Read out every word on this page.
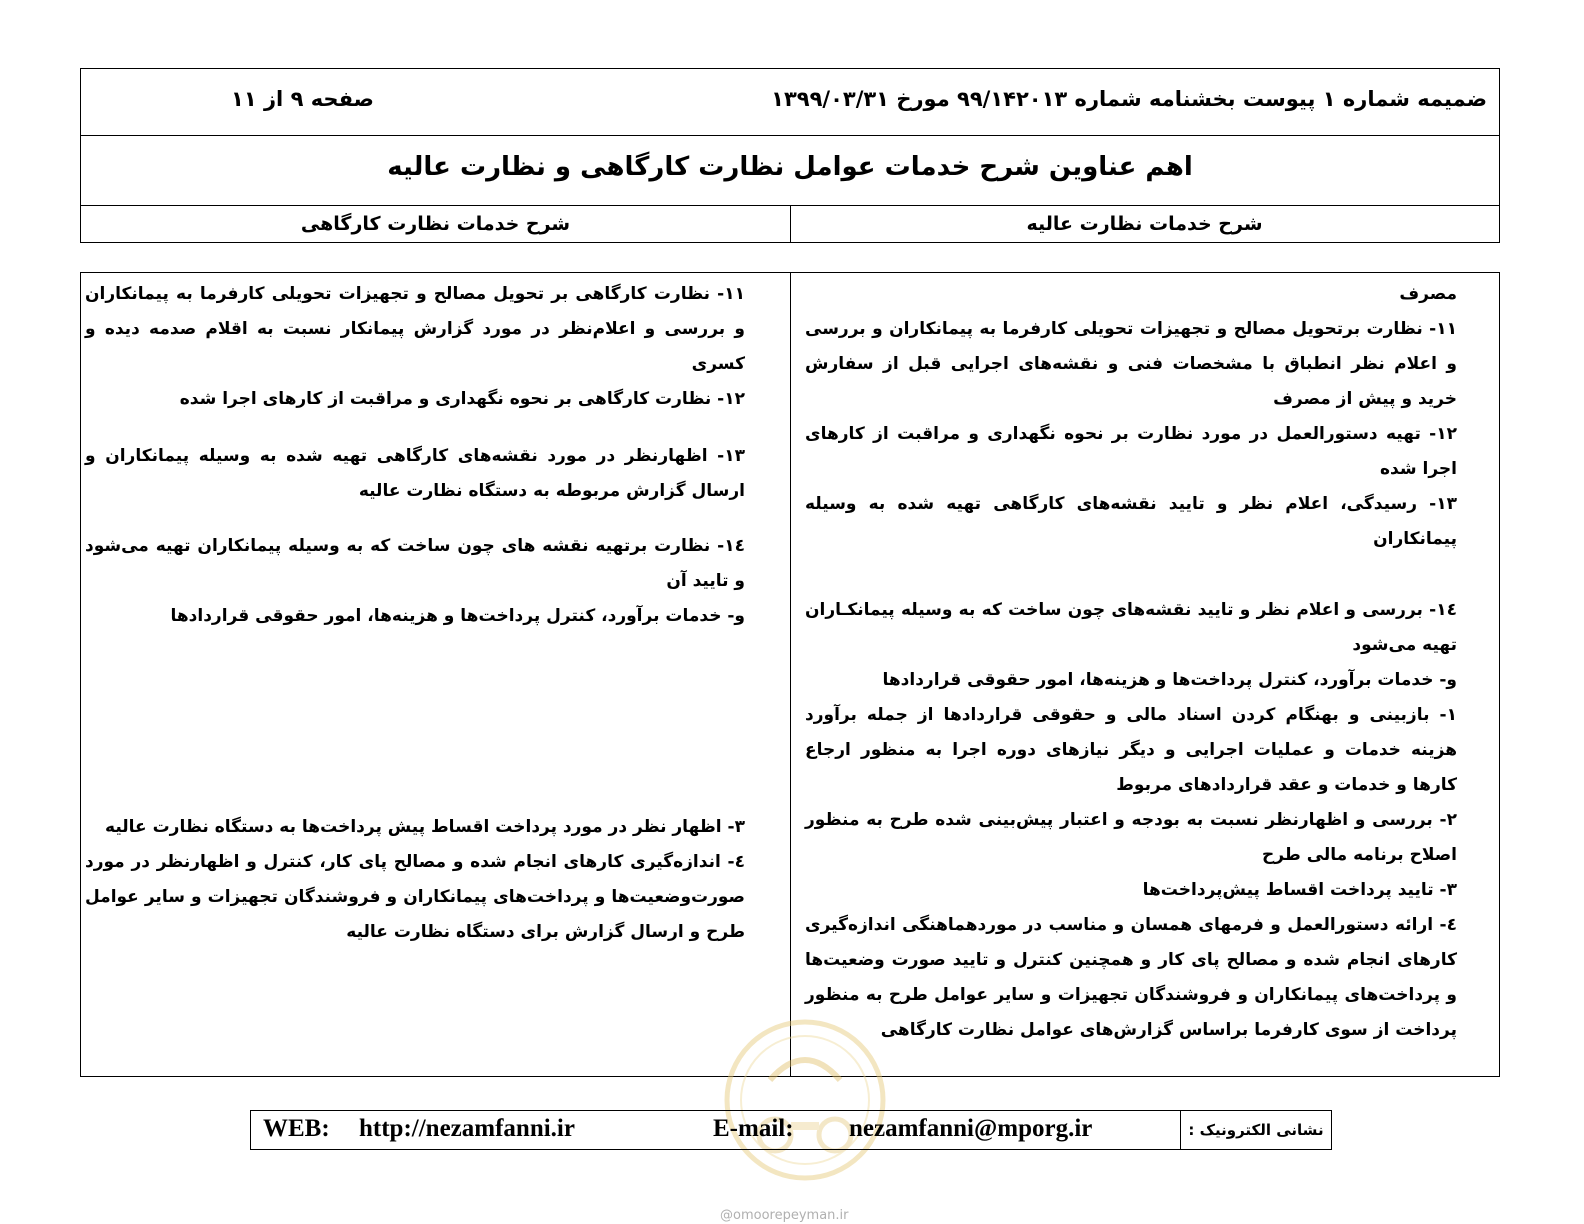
ضمیمه شماره ۱ پیوست بخشنامه شماره ۹۹/۱۴۲۰۱۳ مورخ ۱۳۹۹/۰۳/۳۱
صفحه ۹ از ۱۱
اهم عناوین شرح خدمات عوامل نظارت کارگاهی و نظارت عالیه
شرح خدمات نظارت عالیه
شرح خدمات نظارت کارگاهی

مصرف

۱۱- نظارت برتحویل مصالح و تجهیزات تحویلی کارفرما به پیمانکاران و بررسی و اعلام نظر انطباق با مشخصات فنی و نقشه‌های اجرایی قبل از سفارش خرید و پیش از مصرف

۱۲- تهیه دستورالعمل در مورد نظارت بر نحوه نگهداری و مراقبت از کارهای اجرا شده

۱۳- رسیدگی، اعلام نظر و تایید نقشه‌های کارگاهی تهیه شده به وسیله پیمانکاران

۱٤- بررسی و اعلام نظر و تایید نقشه‌های چون ساخت که به وسیله پیمانکـاران تهیه می‌شود

و- خدمات برآورد، کنترل پرداخت‌ها و هزینه‌ها، امور حقوقی قراردادها

۱- بازبینی و بهنگام کردن اسناد مالی و حقوقی قراردادها از جمله برآورد هزینه خدمات و عملیات اجرایی و دیگر نیازهای دوره اجرا به منظور ارجاع کارها و خدمات و عقد قراردادهای مربوط

۲- بررسی و اظهارنظر نسبت به بودجه و اعتبار پیش‌بینی شده طرح به منظور اصلاح برنامه مالی طرح

۳- تایید پرداخت اقساط پیش‌پرداخت‌ها

٤- ارائه دستورالعمل و فرمهای همسان و مناسب در موردهماهنگی اندازه‌گیری کارهای انجام شده و مصالح پای کار و همچنین کنترل و تایید صورت وضعیت‌ها و پرداخت‌های پیمانکاران و فروشندگان تجهیزات و سایر عوامل طرح به منظور پرداخت از سوی کارفرما براساس گزارش‌های عوامل نظارت کارگاهی

۱۱- نظارت کارگاهی بر تحویل مصالح و تجهیزات تحویلی کارفرما به پیمانکاران و بررسی و اعلام‌نظر در مورد گزارش پیمانکار نسبت به اقلام صدمه دیده و کسری

۱۲- نظارت کارگاهی بر نحوه نگهداری و مراقبت از کارهای اجرا شده

۱۳- اظهارنظر در مورد نقشه‌های کارگاهی تهیه شده به وسیله پیمانکاران و ارسال گزارش مربوطه به دستگاه نظارت عالیه

۱٤- نظارت برتهیه نقشه های چون ساخت که به وسیله پیمانکاران تهیه می‌شود و تایید آن

و- خدمات برآورد، کنترل پرداخت‌ها و هزینه‌ها، امور حقوقی قراردادها

۳- اظهار نظر در مورد پرداخت اقساط پیش پرداخت‌ها به دستگاه نظارت عالیه

٤- اندازه‌گیری کارهای انجام شده و مصالح پای کار، کنترل و اظهارنظر در مورد صورت‌وضعیت‌ها و پرداخت‌های پیمانکاران و فروشندگان تجهیزات و سایر عوامل طرح و ارسال گزارش برای دستگاه نظارت عالیه

نشانی الکترونیک :
WEB: http://nezamfanni.ir	E-mail: nezamfanni@mporg.ir
@omoorepeyman.ir
